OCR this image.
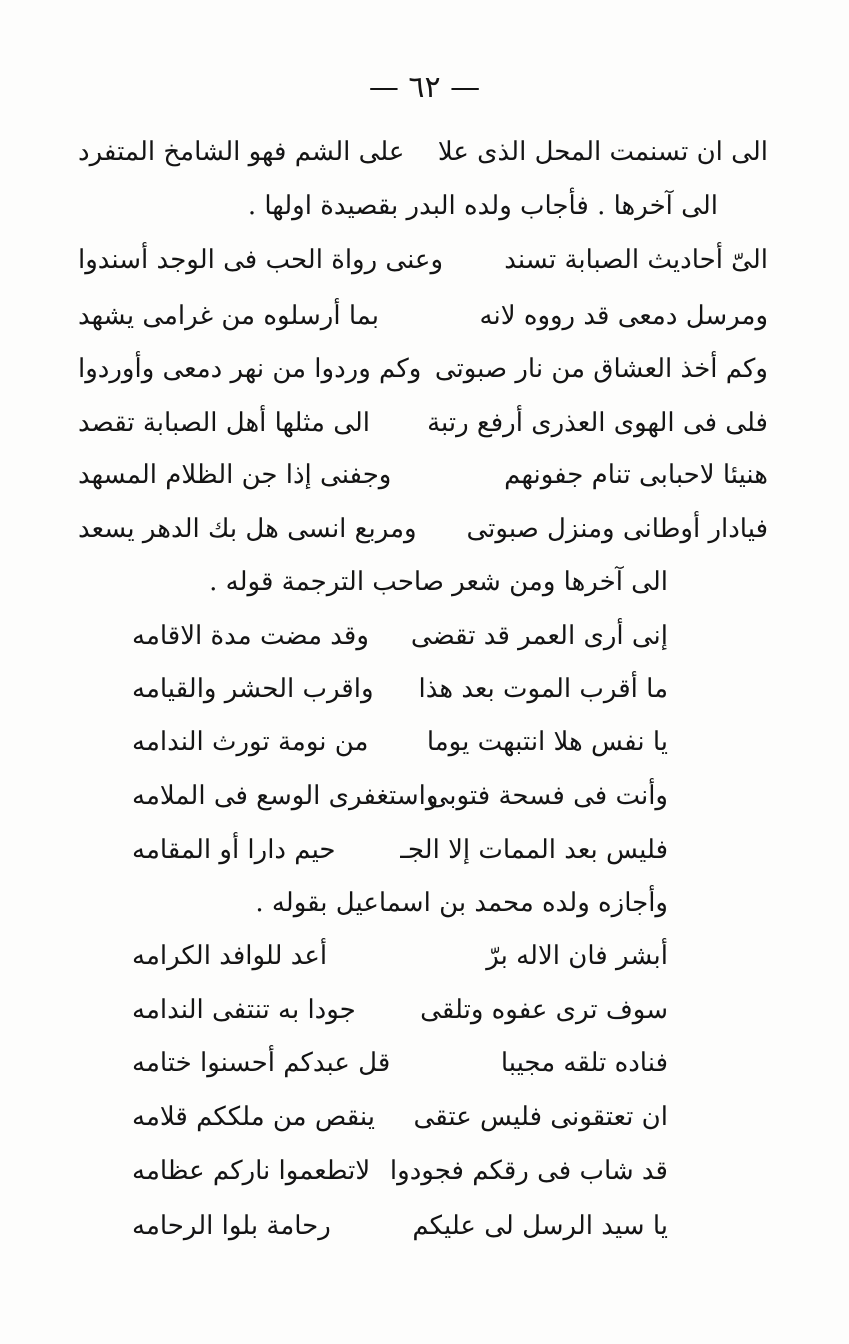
— ٦٢ —
الى ان تسنمت المحل الذى علا
على الشم فهو الشامخ المتفرد
الى آخرها . فأجاب ولده البدر بقصيدة اولها .
الىّ أحاديث الصبابة تسند
وعنى رواة الحب فى الوجد أسندوا
ومرسل دمعى قد رووه لانه
بما أرسلوه من غرامى يشهد
وكم أخذ العشاق من نار صبوتى
وكم وردوا من نهر دمعى وأوردوا
فلى فى الهوى العذرى أرفع رتبة
الى مثلها أهل الصبابة تقصد
هنيئا لاحبابى تنام جفونهم
وجفنى إذا جن الظلام المسهد
فيادار أوطانى ومنزل صبوتى
ومربع انسى هل بك الدهر يسعد
الى آخرها ومن شعر صاحب الترجمة قوله .
إنى أرى العمر قد تقضى
وقد مضت مدة الاقامه
ما أقرب الموت بعد هذا
واقرب الحشر والقيامه
يا نفس هلا انتبهت يوما
من نومة تورث الندامه
وأنت فى فسحة فتوبى
واستغفرى الوسع فى الملامه
فليس بعد الممات إلا الجـ
حيم دارا أو المقامه
وأجازه ولده محمد بن اسماعيل بقوله .
أبشر فان الاله برّ
أعد للوافد الكرامه
سوف ترى عفوه وتلقى
جودا به تنتفى الندامه
فناده تلقه مجيبا
قل عبدكم أحسنوا ختامه
ان تعتقونى فليس عتقى
ينقص من ملككم قلامه
قد شاب فى رقكم فجودوا
لاتطعموا ناركم عظامه
يا سيد الرسل لى عليكم
رحامة بلوا الرحامه
